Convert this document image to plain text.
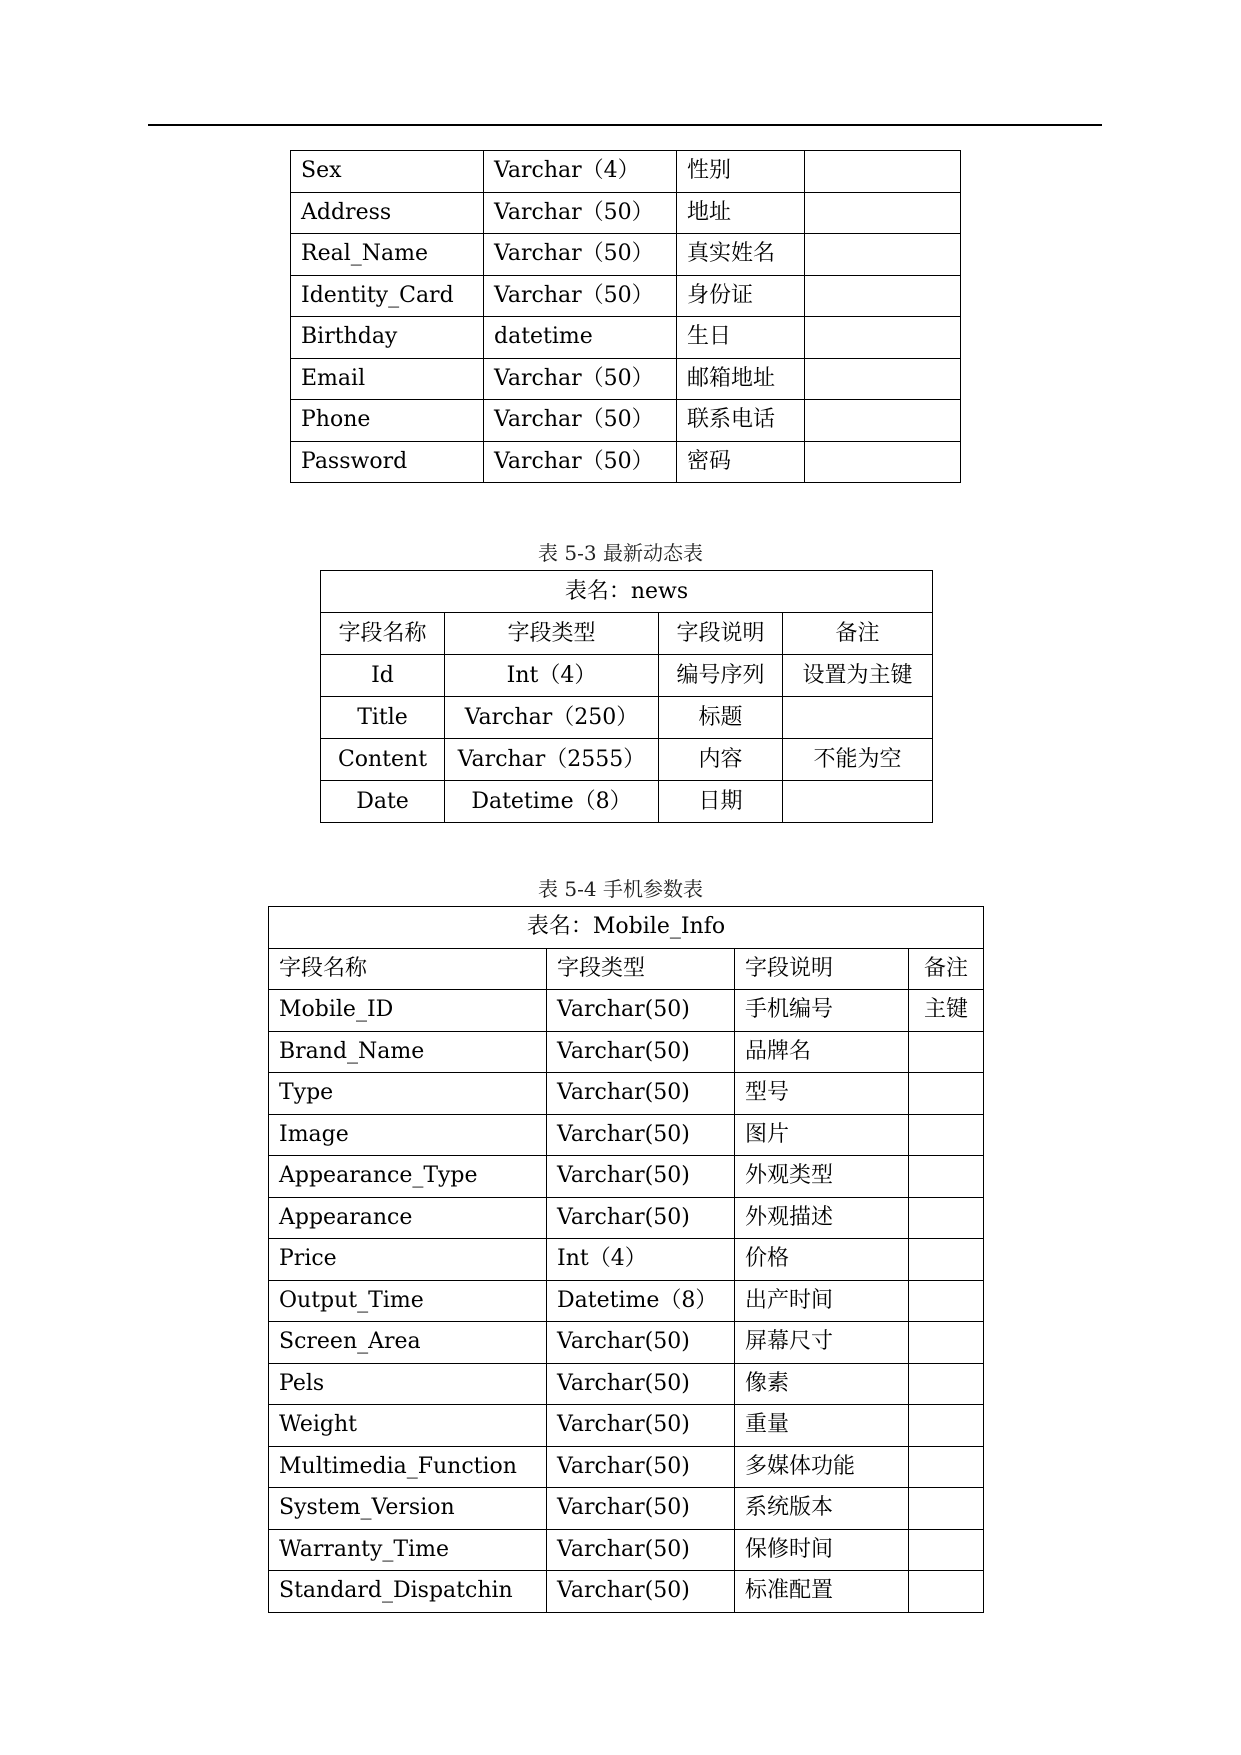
Sex	Varchar（4）	性别	
Address	Varchar（50）	地址	
Real_Name	Varchar（50）	真实姓名	
Identity_Card	Varchar（50）	身份证	
Birthday	datetime	生日	
Email	Varchar（50）	邮箱地址	
Phone	Varchar（50）	联系电话	
Password	Varchar（50）	密码	
表 5-3 最新动态表
表名：news			
字段名称	字段类型	字段说明	备注
Id	Int（4）	编号序列	设置为主键
Title	Varchar（250）	标题	
Content	Varchar（2555）	内容	不能为空
Date	Datetime（8）	日期	
表 5-4 手机参数表
表名：Mobile_Info			
字段名称	字段类型	字段说明	备注
Mobile_ID	Varchar(50)	手机编号	主键
Brand_Name	Varchar(50)	品牌名	
Type	Varchar(50)	型号	
Image	Varchar(50)	图片	
Appearance_Type	Varchar(50)	外观类型	
Appearance	Varchar(50)	外观描述	
Price	Int（4）	价格	
Output_Time	Datetime（8）	出产时间	
Screen_Area	Varchar(50)	屏幕尺寸	
Pels	Varchar(50)	像素	
Weight	Varchar(50)	重量	
Multimedia_Function	Varchar(50)	多媒体功能	
System_Version	Varchar(50)	系统版本	
Warranty_Time	Varchar(50)	保修时间	
Standard_Dispatchin	Varchar(50)	标准配置	
